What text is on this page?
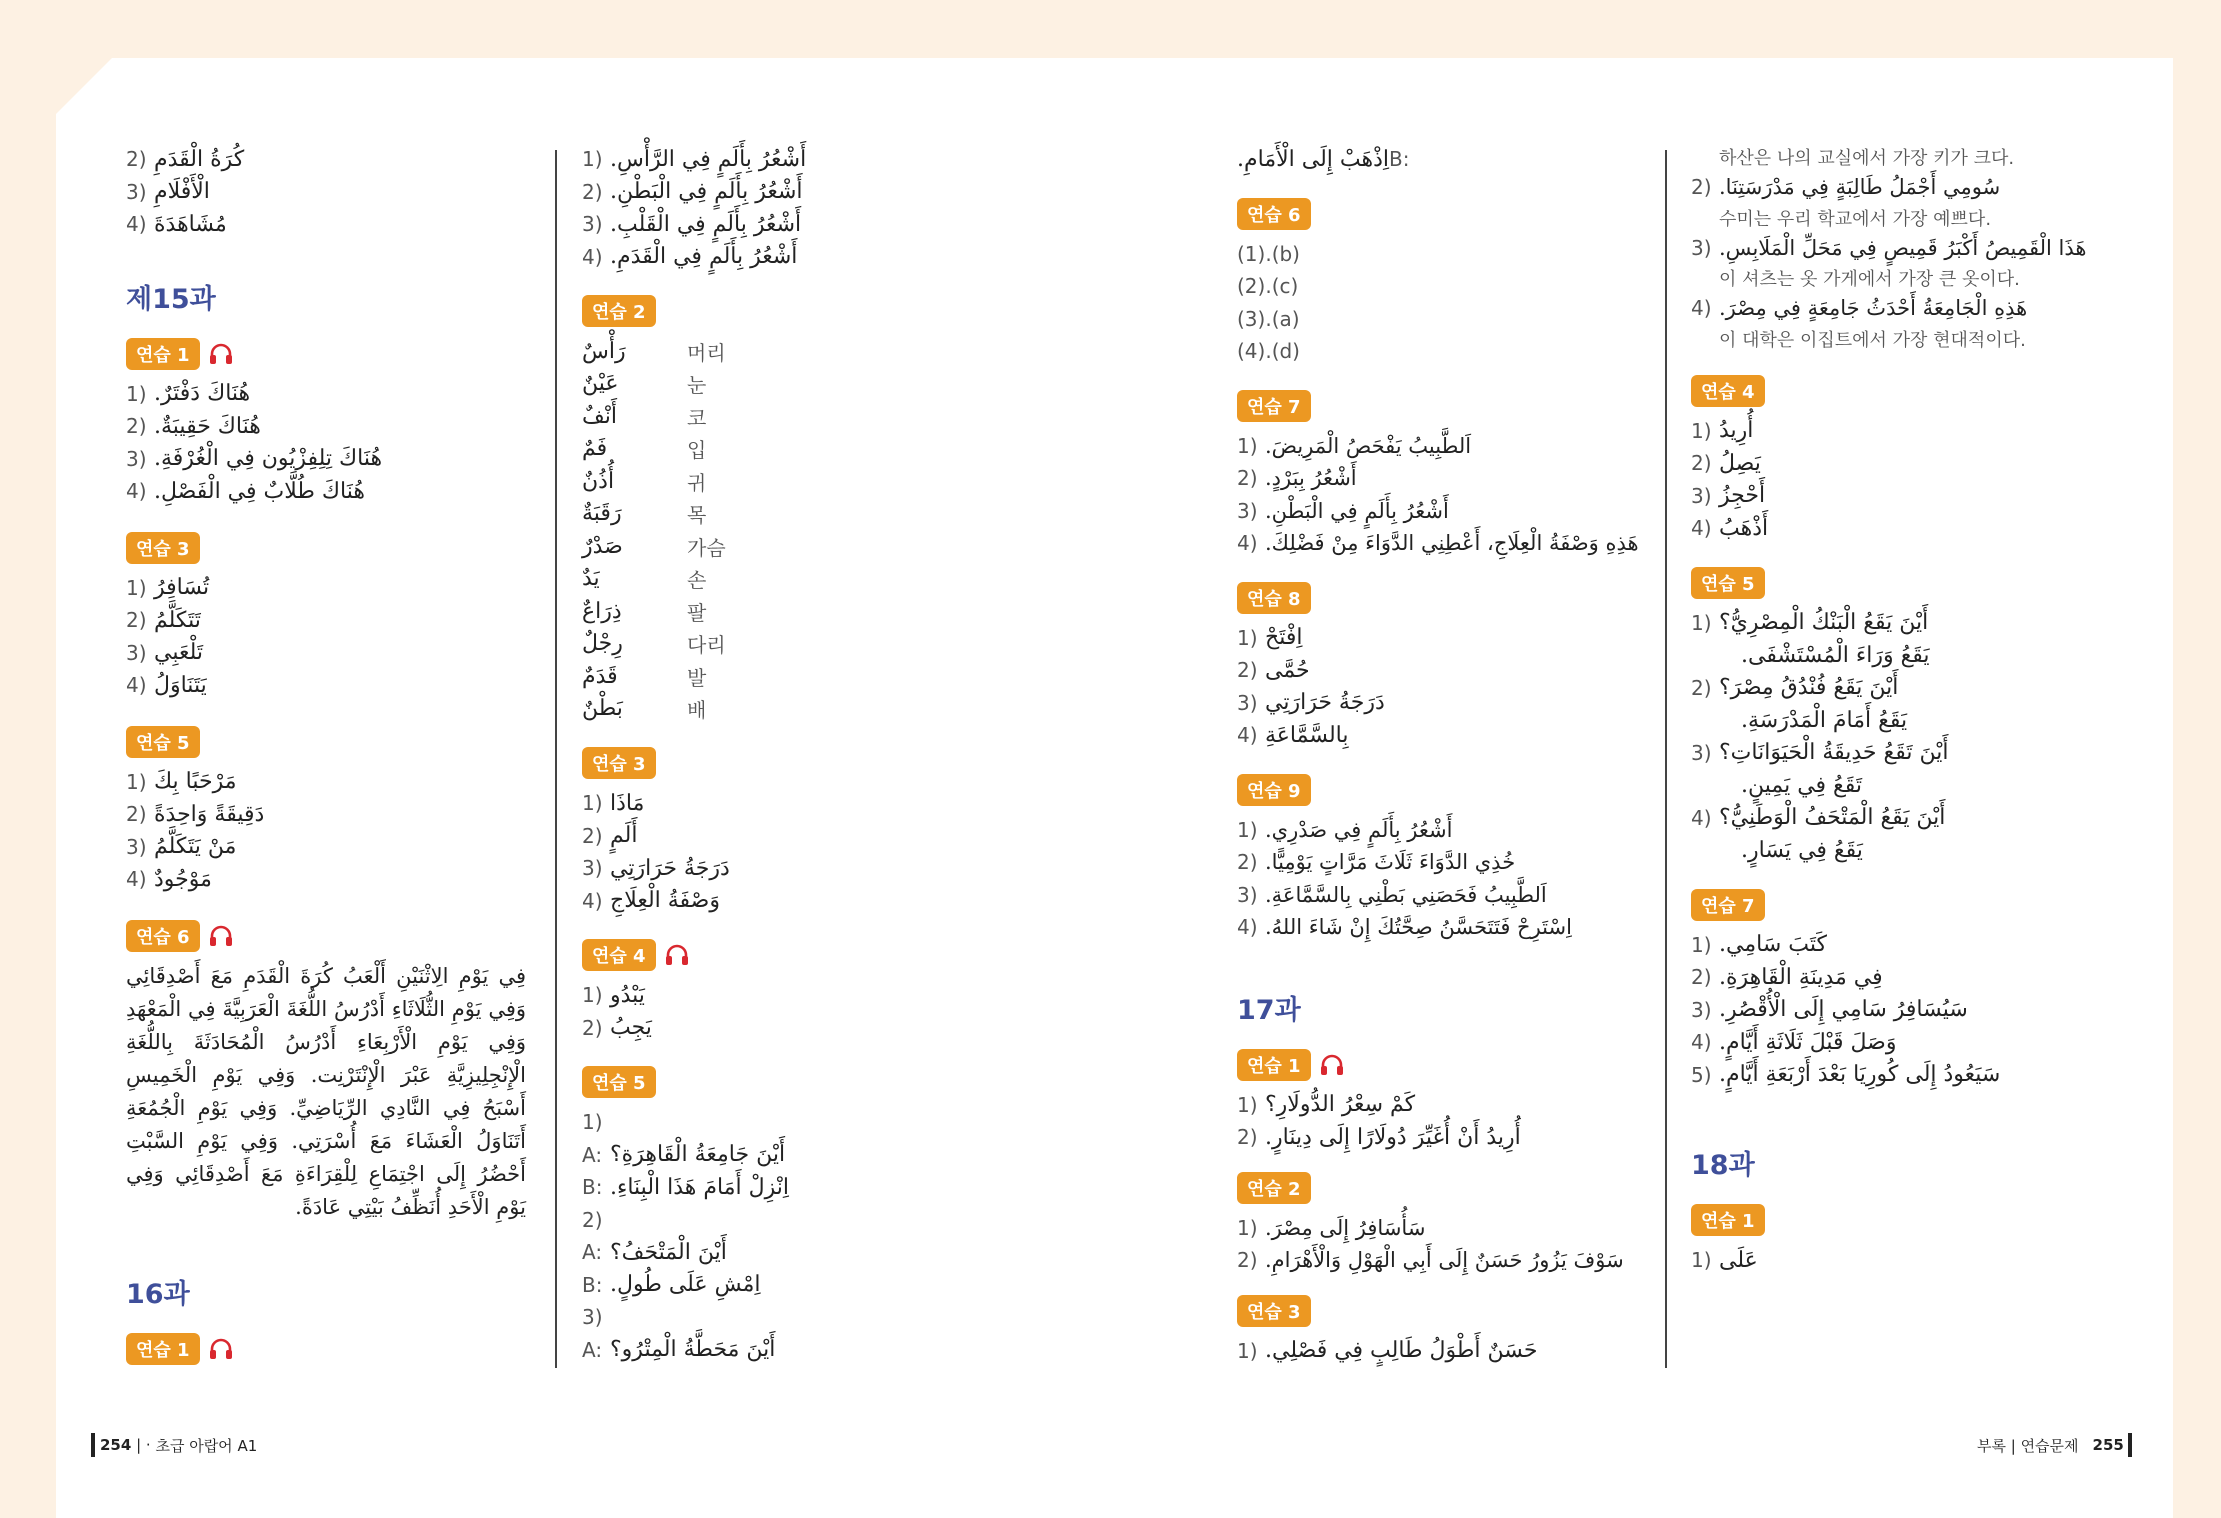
2) كُرَةُ الْقَدَمِ
3) الْأَفْلَامِ
4) مُشَاهَدَةَ
제15과
연습 1
1) هُنَاكَ دَفْتَرٌ.
2) هُنَاكَ حَقِيبَةٌ.
3) هُنَاكَ تِلِفِزْيُون فِي الْغُرْفَةِ.
4) هُنَاكَ طُلَّابٌ فِي الْفَصْلِ.
연습 3
1) تُسَافِرُ
2) تَتَكَلَّمُ
3) تَلْعَبِي
4) يَتَنَاوَلُ
연습 5
1) مَرْحَبًا بِكَ
2) دَقِيقَةً وَاحِدَةً
3) مَنْ يَتَكَلَّمُ
4) مَوْجُودٌ
연습 6
فِي يَوْمِ الِاثْنَيْنِ أَلْعَبُ كُرَةَ الْقَدَمِ مَعَ أَصْدِقَائِي وَفِي يَوْمِ الثُّلَاثَاءِ أَدْرُسُ اللُّغَةَ الْعَرَبِيَّةَ فِي الْمَعْهَدِ وَفِي يَوْمِ الْأَرْبِعَاءِ أَدْرُسُ الْمُحَادَثَةَ بِاللُّغَةِ الْإِنْجِلِيزِيَّةِ عَبْرَ الْإِنْتَرْنِت. وَفِي يَوْمِ الْخَمِيسِ أَسْبَحُ فِي النَّادِي الرِّيَاضِيِّ. وَفِي يَوْمِ الْجُمُعَةِ أَتَنَاوَلُ الْعَشَاءَ مَعَ أُسْرَتِي. وَفِي يَوْمِ السَّبْتِ أَحْضُرُ إِلَى اجْتِمَاعِ لِلْقِرَاءَةِ مَعَ أَصْدِقَائِي وَفِي يَوْمِ الْأَحَدِ أُنَظِّفُ بَيْتِي عَادَةً.
16과
연습 1
1) أَشْعُرُ بِأَلَمٍ فِي الرَّأْسِ.
2) أَشْعُرُ بِأَلَمٍ فِي الْبَطْنِ.
3) أَشْعُرُ بِأَلَمٍ فِي الْقَلْبِ.
4) أَشْعُرُ بِأَلَمٍ فِي الْقَدَمِ.
연습 2
رَأْسٌ	머리
عَيْنٌ	눈
أَنْفٌ	코
فَمٌ	입
أُذُنٌ	귀
رَقَبَةٌ	목
صَدْرٌ	가슴
يَدٌ	손
ذِرَاعٌ	팔
رِجْلٌ	다리
قَدَمٌ	발
بَطْنٌ	배
연습 3
1) مَاذَا
2) أَلَمٍ
3) دَرَجَةُ حَرَارَتِي
4) وَصْفَةُ الْعِلَاجِ
연습 4
1) يَبْدُو
2) يَجِبُ
연습 5
1)
A: أَيْنَ جَامِعَةُ الْقَاهِرَةِ؟
B: اِنْزِلْ أَمَامَ هَذَا الْبِنَاءِ.
2)
A: أَيْنَ الْمَتْحَفُ؟
B: اِمْشِ عَلَى طُولٍ.
3)
A: أَيْنَ مَحَطَّةُ الْمِتْرُو؟
اِذْهَبْ إِلَى الْأَمَامِ. B:
연습 6
(1).(b)
(2).(c)
(3).(a)
(4).(d)
연습 7
1) اَلطَّبِيبُ يَفْحَصُ الْمَرِيضَ.
2) أَشْعُرُ بِبَرْدٍ.
3) أَشْعُرُ بِأَلَمٍ فِي الْبَطْنِ.
4) هَذِهِ وَصْفَةُ الْعِلَاجِ، أَعْطِنِي الدَّوَاءَ مِنْ فَضْلِكَ.
연습 8
1) اِفْتَحْ
2) حُمَّى
3) دَرَجَةُ حَرَارَتِي
4) بِالسَّمَّاعَةِ
연습 9
1) أَشْعُرُ بِأَلَمٍ فِي صَدْرِي.
2) خُذِي الدَّوَاءَ ثَلَاثَ مَرَّاتٍ يَوْمِيًّا.
3) اَلطَّبِيبُ فَحَصَنِي بَطْنِي بِالسَّمَّاعَةِ.
4) اِسْتَرِحْ فَتَتَحَسَّنُ صِحَّتُكَ إِنْ شَاءَ اللهُ.
17과
연습 1
1) كَمْ سِعْرُ الدُّولَارِ؟
2) أُرِيدُ أَنْ أُغَيِّرَ دُولَارًا إِلَى دِينَارٍ.
연습 2
1) سَأُسَافِرُ إِلَى مِصْرَ.
2) سَوْفَ يَزُورُ حَسَنٌ إِلَى أَبِي الْهَوْلِ وَالْأَهْرَامِ.
연습 3
1) حَسَنٌ أَطْوَلُ طَالِبٍ فِي فَصْلِي.
하산은 나의 교실에서 가장 키가 크다.
2) سُومِي أَجْمَلُ طَالِبَةٍ فِي مَدْرَسَتِنَا.
수미는 우리 학교에서 가장 예쁘다.
3) هَذَا الْقَمِيصُ أَكْبَرُ قَمِيصٍ فِي مَحَلِّ الْمَلَابِسِ.
이 셔츠는 옷 가게에서 가장 큰 옷이다.
4) هَذِهِ الْجَامِعَةُ أَحْدَثُ جَامِعَةٍ فِي مِصْرَ.
이 대학은 이집트에서 가장 현대적이다.
연습 4
1) أُرِيدُ
2) يَصِلُ
3) أَحْجِزُ
4) أَذْهَبُ
연습 5
1) أَيْنَ يَقَعُ الْبَنْكُ الْمِصْرِيُّ؟
يَقَعُ وَرَاءَ الْمُسْتَشْفَى.
2) أَيْنَ يَقَعُ فُنْدُقُ مِصْرَ؟
يَقَعُ أَمَامَ الْمَدْرَسَةِ.
3) أَيْنَ تَقَعُ حَدِيقَةُ الْحَيَوَانَاتِ؟
تَقَعُ فِي يَمِينٍ.
4) أَيْنَ يَقَعُ الْمَتْحَفُ الْوَطَنِيُّ؟
يَقَعُ فِي يَسَارٍ.
연습 7
1) كَتَبَ سَامِي.
2) فِي مَدِينَةِ الْقَاهِرَةِ.
3) سَيُسَافِرُ سَامِي إِلَى الْأُقْصُرِ.
4) وَصَلَ قَبْلَ ثَلَاثَةِ أَيَّامٍ.
5) سَيَعُودُ إِلَى كُورِيَا بَعْدَ أَرْبَعَةِ أَيَّامٍ.
18과
연습 1
1) عَلَى
254 | · 초급 아랍어 A1	부록 | 연습문제 255
